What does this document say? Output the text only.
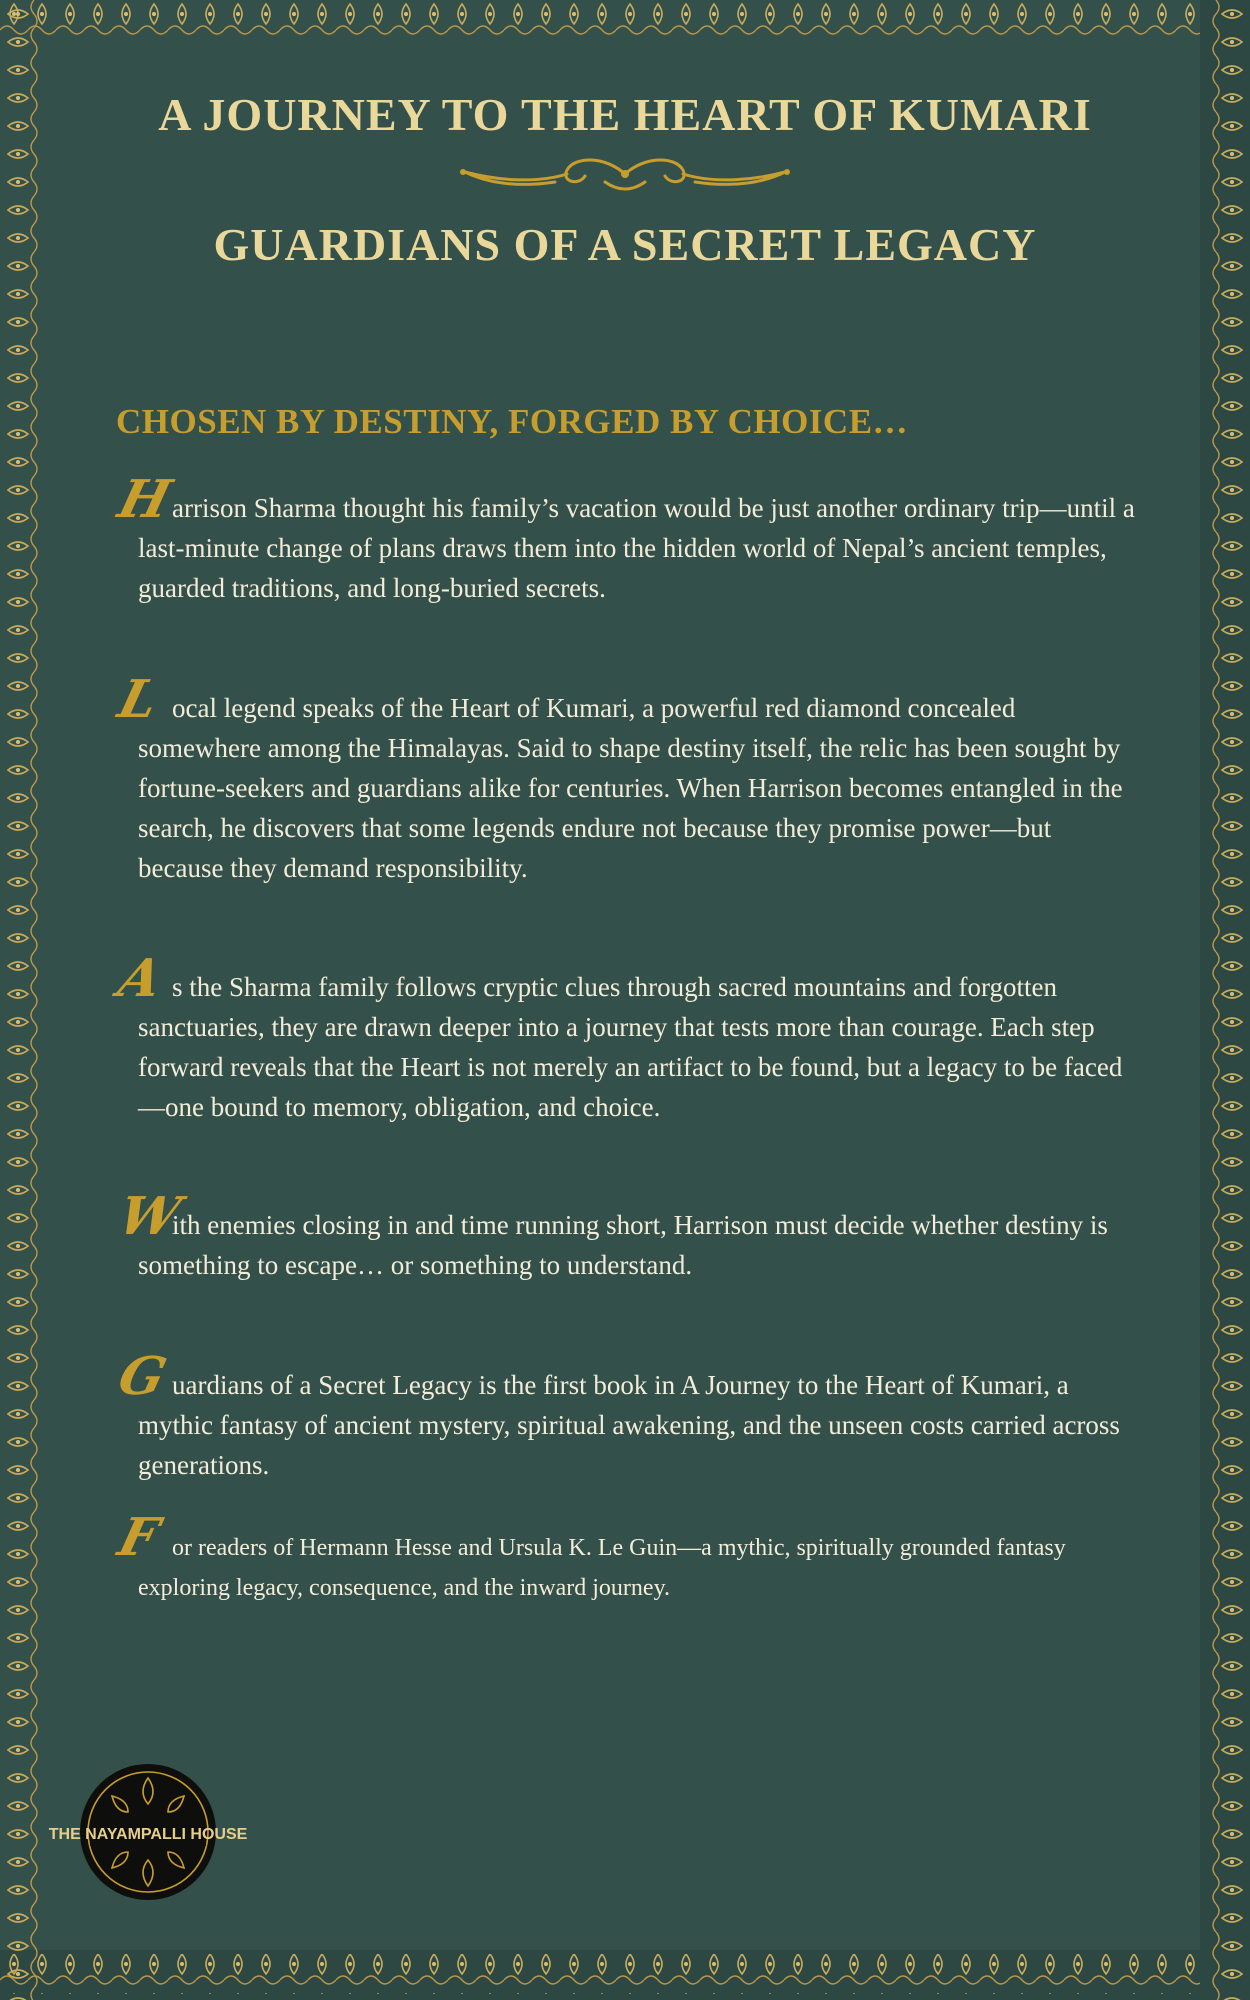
A JOURNEY TO THE HEART OF KUMARI
GUARDIANS OF A SECRET LEGACY
CHOSEN BY DESTINY, FORGED BY CHOICE…

Harrison Sharma thought his family’s vacation would be just another ordinary trip—until a last-minute change of plans draws them into the hidden world of Nepal’s ancient temples, guarded traditions, and long-buried secrets.

Local legend speaks of the Heart of Kumari, a powerful red diamond concealed somewhere among the Himalayas. Said to shape destiny itself, the relic has been sought by fortune-seekers and guardians alike for centuries. When Harrison becomes entangled in the search, he discovers that some legends endure not because they promise power—but because they demand responsibility.

As the Sharma family follows cryptic clues through sacred mountains and forgotten sanctuaries, they are drawn deeper into a journey that tests more than courage. Each step forward reveals that the Heart is not merely an artifact to be found, but a legacy to be faced—one bound to memory, obligation, and choice.

With enemies closing in and time running short, Harrison must decide whether destiny is something to escape… or something to understand.

Guardians of a Secret Legacy is the first book in A Journey to the Heart of Kumari, a mythic fantasy of ancient mystery, spiritual awakening, and the unseen costs carried across generations.

For readers of Hermann Hesse and Ursula K. Le Guin—a mythic, spiritually grounded fantasy exploring legacy, consequence, and the inward journey.

THE NAYAMPALLI HOUSE
